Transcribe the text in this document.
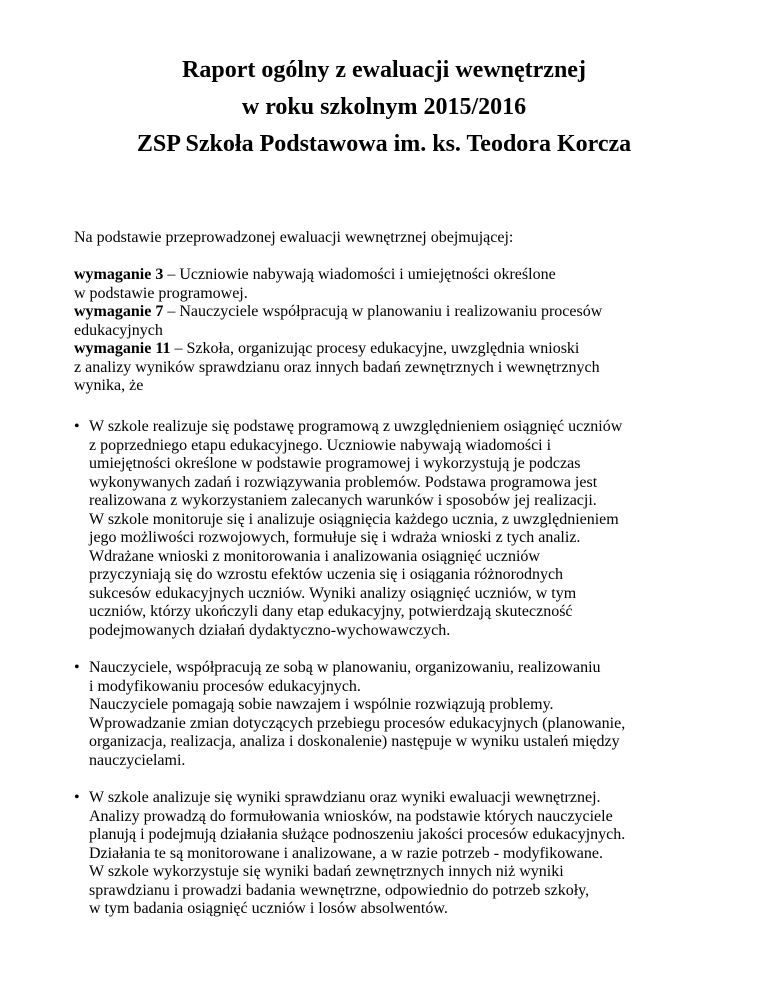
Raport ogólny z ewaluacji wewnętrznej

w roku szkolnym 2015/2016

ZSP Szkoła Podstawowa im. ks. Teodora Korcza

Na podstawie przeprowadzonej ewaluacji wewnętrznej obejmującej:

wymaganie 3 – Uczniowie nabywają wiadomości i umiejętności określone

w podstawie programowej.

wymaganie 7 – Nauczyciele współpracują w planowaniu i realizowaniu procesów

edukacyjnych

wymaganie 11 – Szkoła, organizując procesy edukacyjne, uwzględnia wnioski

z analizy wyników sprawdzianu oraz innych badań zewnętrznych i wewnętrznych

wynika, że

• W szkole realizuje się podstawę programową z uwzględnieniem osiągnięć uczniów

z poprzedniego etapu edukacyjnego. Uczniowie nabywają wiadomości i

umiejętności określone w podstawie programowej i wykorzystują je podczas

wykonywanych zadań i rozwiązywania problemów. Podstawa programowa jest

realizowana z wykorzystaniem zalecanych warunków i sposobów jej realizacji.

W szkole monitoruje się i analizuje osiągnięcia każdego ucznia, z uwzględnieniem

jego możliwości rozwojowych, formułuje się i wdraża wnioski z tych analiz.

Wdrażane wnioski z monitorowania i analizowania osiągnięć uczniów

przyczyniają się do wzrostu efektów uczenia się i osiągania różnorodnych

sukcesów edukacyjnych uczniów. Wyniki analizy osiągnięć uczniów, w tym

uczniów, którzy ukończyli dany etap edukacyjny, potwierdzają skuteczność

podejmowanych działań dydaktyczno-wychowawczych.

• Nauczyciele, współpracują ze sobą w planowaniu, organizowaniu, realizowaniu

i modyfikowaniu procesów edukacyjnych.

Nauczyciele pomagają sobie nawzajem i wspólnie rozwiązują problemy.

Wprowadzanie zmian dotyczących przebiegu procesów edukacyjnych (planowanie,

organizacja, realizacja, analiza i doskonalenie) następuje w wyniku ustaleń między

nauczycielami.

• W szkole analizuje się wyniki sprawdzianu oraz wyniki ewaluacji wewnętrznej.

Analizy prowadzą do formułowania wniosków, na podstawie których nauczyciele

planują i podejmują działania służące podnoszeniu jakości procesów edukacyjnych.

Działania te są monitorowane i analizowane, a w razie potrzeb - modyfikowane.

W szkole wykorzystuje się wyniki badań zewnętrznych innych niż wyniki

sprawdzianu i prowadzi badania wewnętrzne, odpowiednio do potrzeb szkoły,

w tym badania osiągnięć uczniów i losów absolwentów.
